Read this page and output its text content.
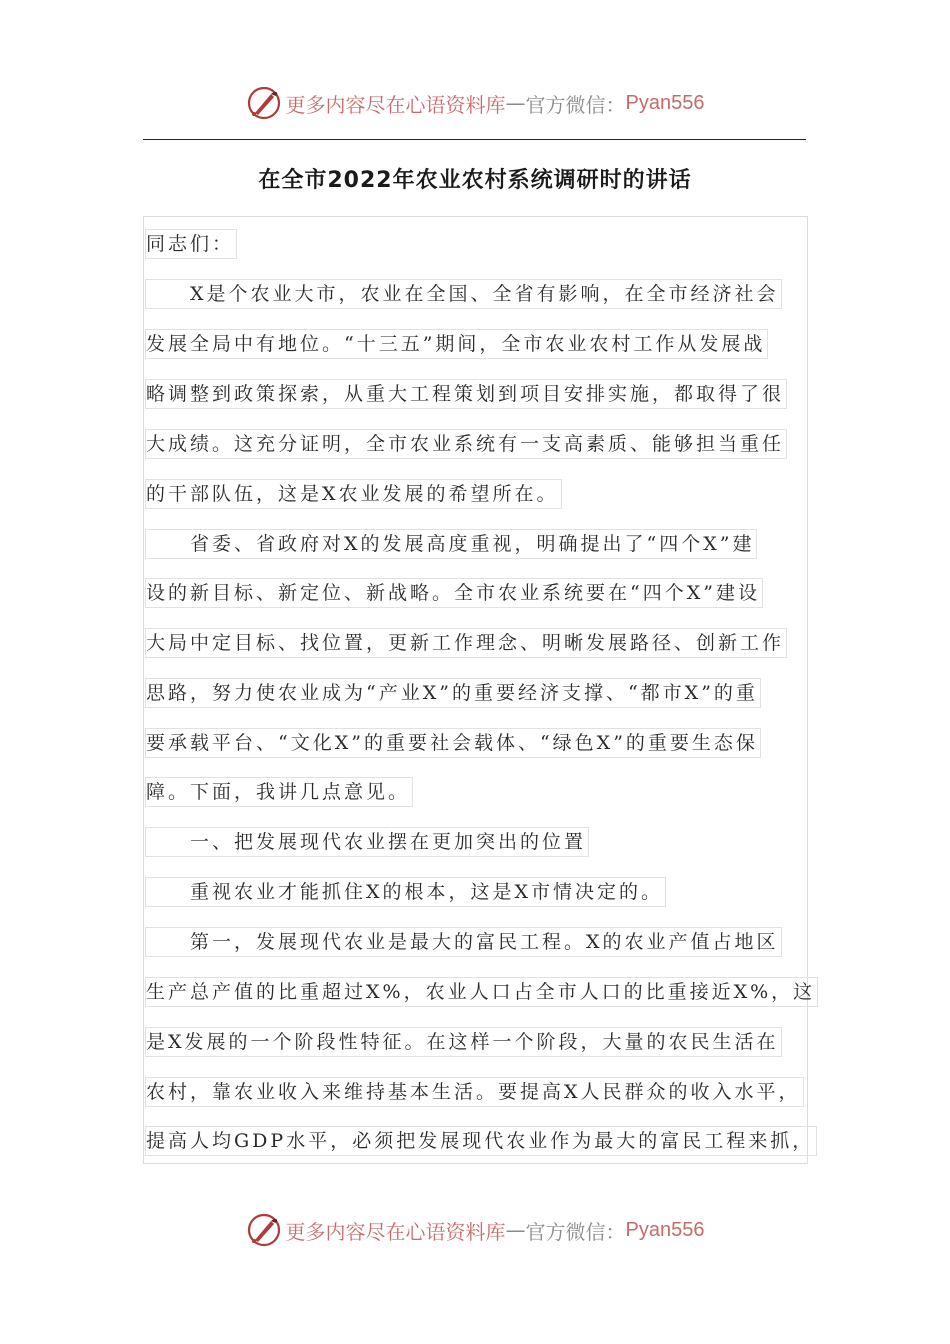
更多内容尽在心语资料库 — 官方微信： Pyan556
在全市2022年农业农村系统调研时的讲话
同志们：
　　X是个农业大市，农业在全国、全省有影响，在全市经济社会
发展全局中有地位。“十三五”期间，全市农业农村工作从发展战
略调整到政策探索，从重大工程策划到项目安排实施，都取得了很
大成绩。这充分证明，全市农业系统有一支高素质、能够担当重任
的干部队伍，这是X农业发展的希望所在。
　　省委、省政府对X的发展高度重视，明确提出了“四个X”建
设的新目标、新定位、新战略。全市农业系统要在“四个X”建设
大局中定目标、找位置，更新工作理念、明晰发展路径、创新工作
思路，努力使农业成为“产业X”的重要经济支撑、“都市X”的重
要承载平台、“文化X”的重要社会载体、“绿色X”的重要生态保
障。下面，我讲几点意见。
　　一、把发展现代农业摆在更加突出的位置
　　重视农业才能抓住X的根本，这是X市情决定的。
　　第一，发展现代农业是最大的富民工程。X的农业产值占地区
生产总产值的比重超过X%，农业人口占全市人口的比重接近X%，这
是X发展的一个阶段性特征。在这样一个阶段，大量的农民生活在
农村，靠农业收入来维持基本生活。要提高X人民群众的收入水平，
提高人均GDP水平，必须把发展现代农业作为最大的富民工程来抓，
更多内容尽在心语资料库 — 官方微信： Pyan556
